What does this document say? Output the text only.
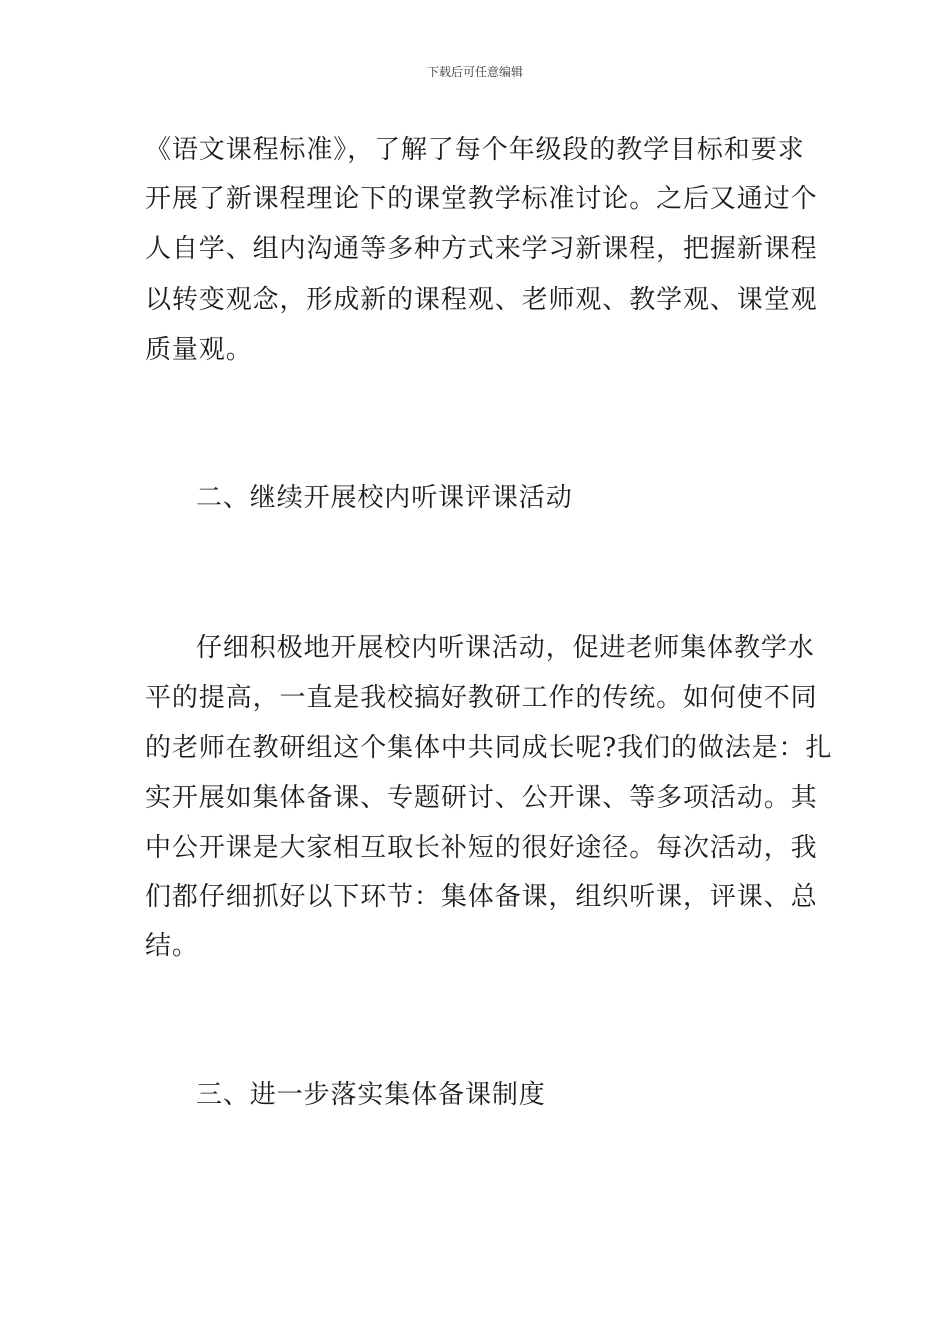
下载后可任意编辑
《语文课程标准》，了解了每个年级段的教学目标和要求
开展了新课程理论下的课堂教学标准讨论。之后又通过个
人自学、组内沟通等多种方式来学习新课程，把握新课程
以转变观念，形成新的课程观、老师观、教学观、课堂观
质量观。
二、继续开展校内听课评课活动
仔细积极地开展校内听课活动，促进老师集体教学水
平的提高，一直是我校搞好教研工作的传统。如何使不同
的老师在教研组这个集体中共同成长呢?我们的做法是：扎
实开展如集体备课、专题研讨、公开课、等多项活动。其
中公开课是大家相互取长补短的很好途径。每次活动，我
们都仔细抓好以下环节：集体备课，组织听课，评课、总
结。
三、进一步落实集体备课制度
